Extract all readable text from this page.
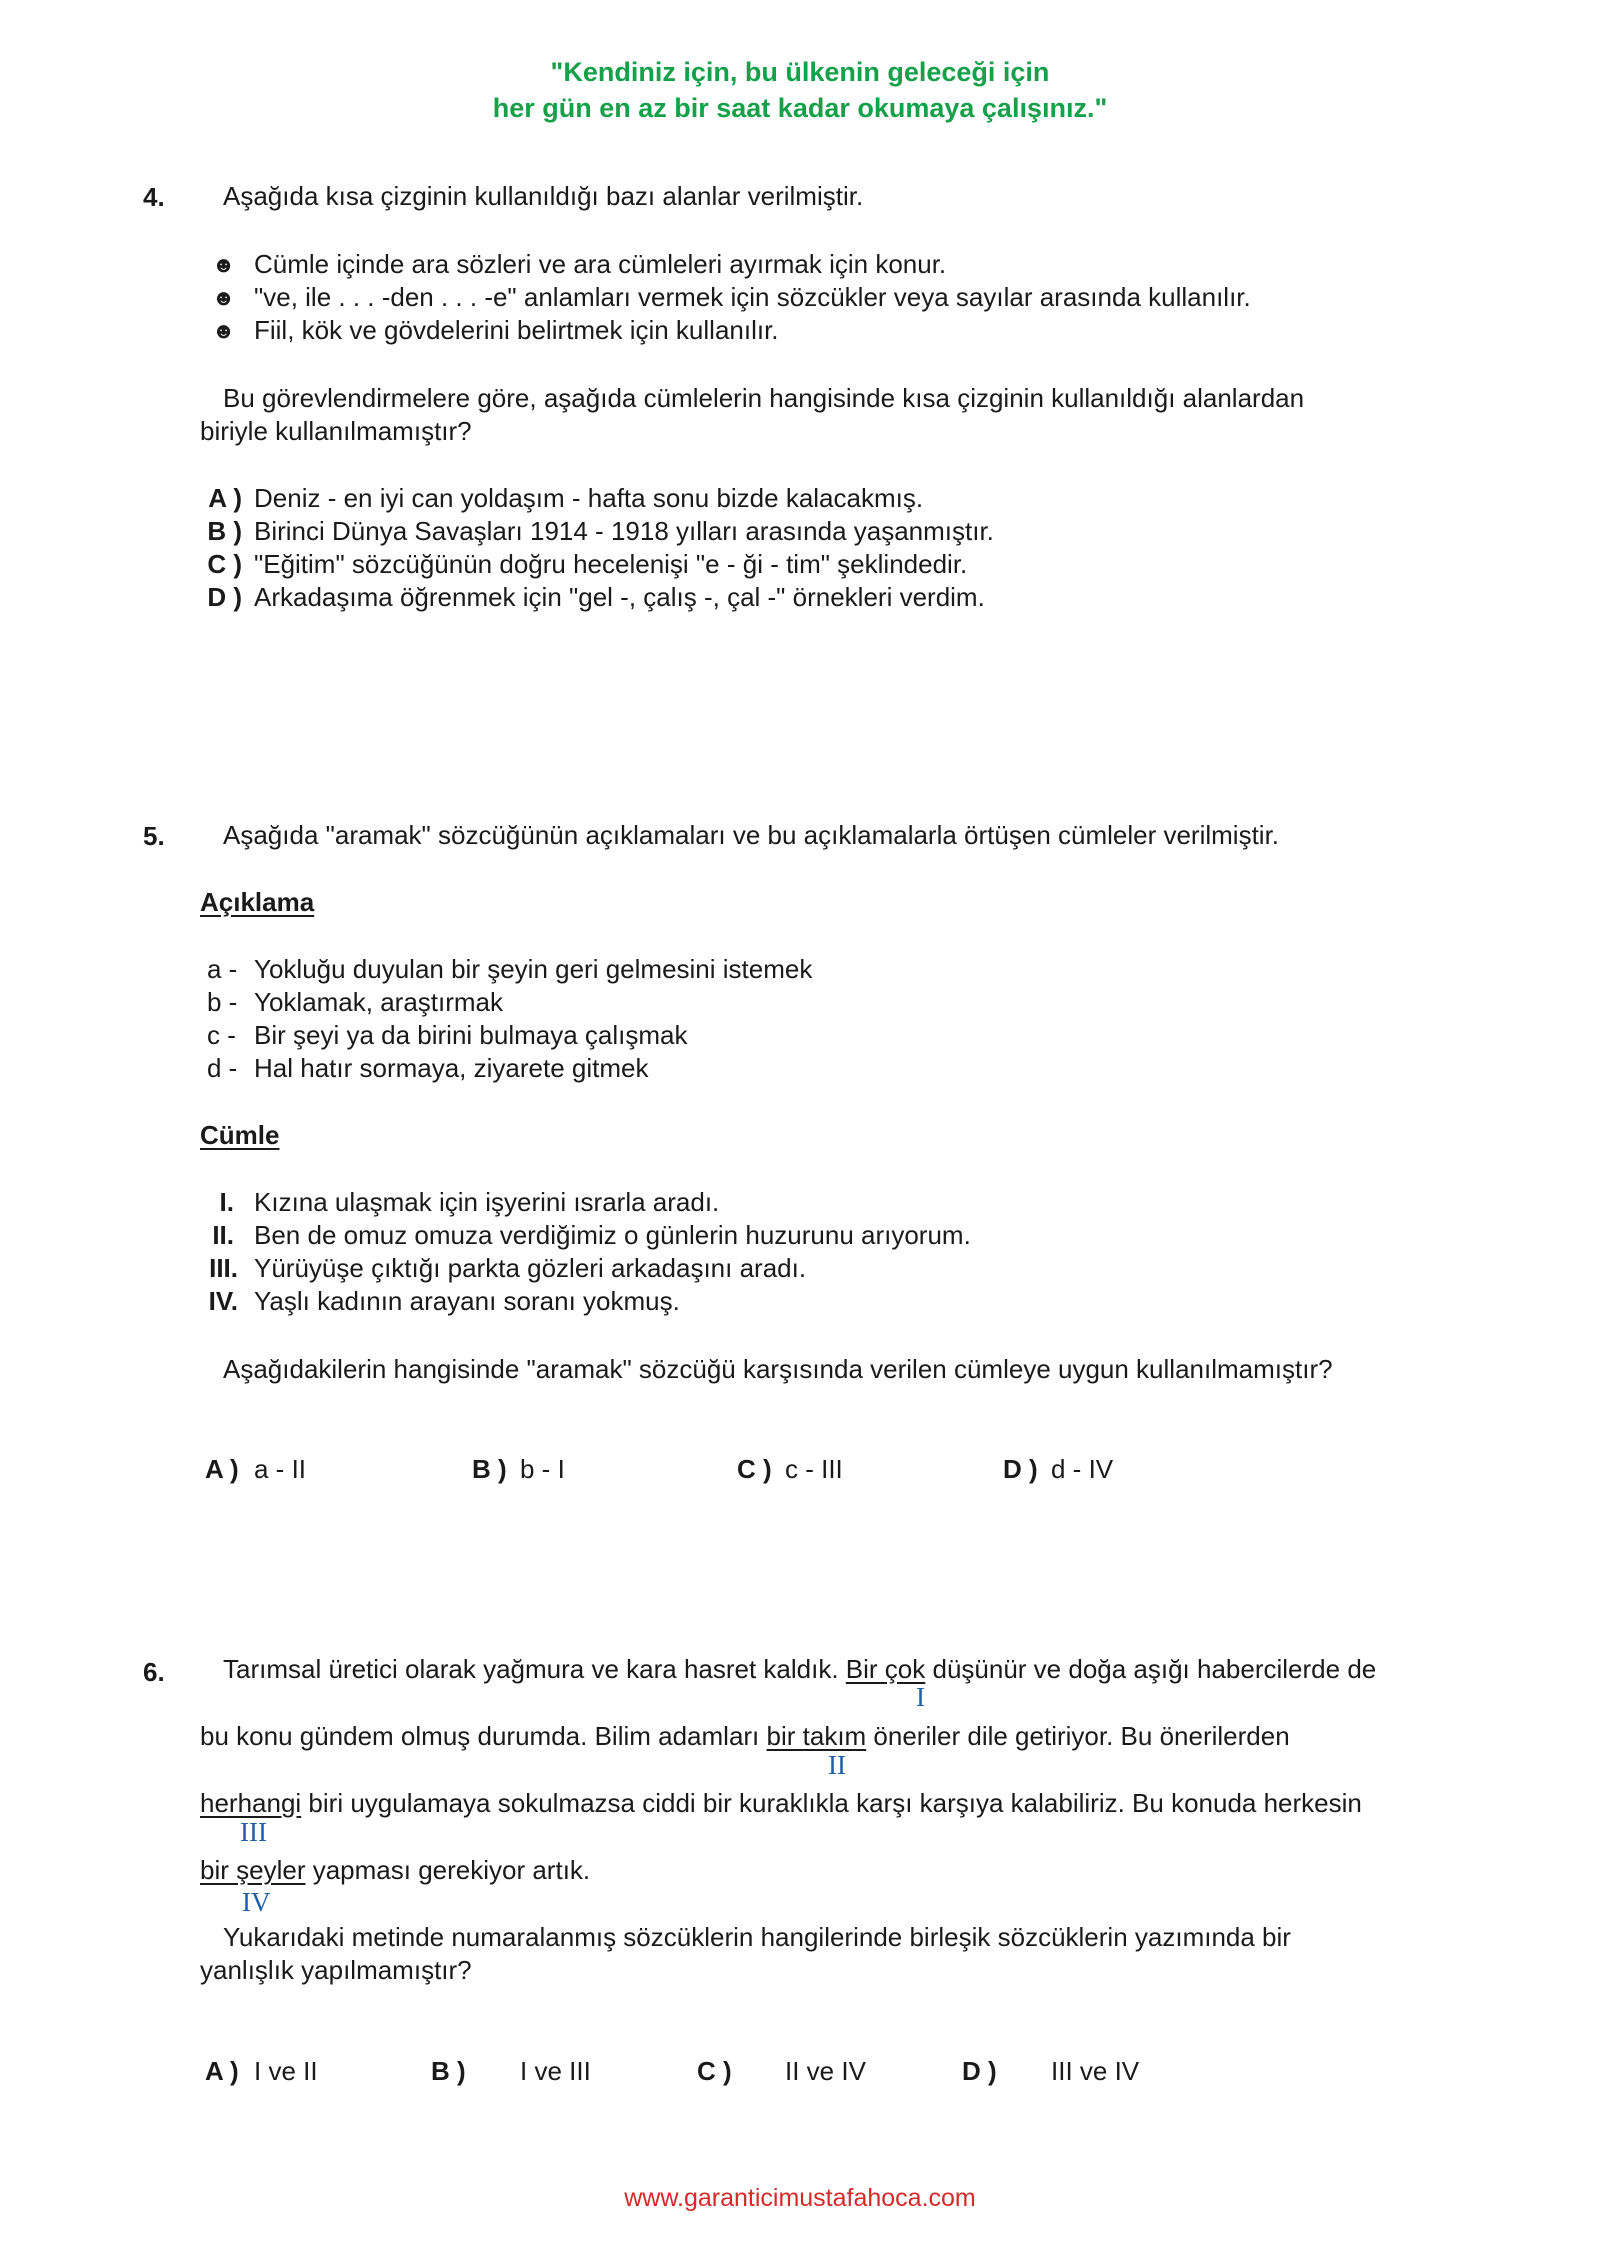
"Kendiniz için, bu ülkenin geleceği için
her gün en az bir saat kadar okumaya çalışınız."
4. Aşağıda kısa çizginin kullanıldığı bazı alanlar verilmiştir.
☻ Cümle içinde ara sözleri ve ara cümleleri ayırmak için konur.
☻ "ve, ile . . . -den . . . -e" anlamları vermek için sözcükler veya sayılar arasında kullanılır.
☻ Fiil, kök ve gövdelerini belirtmek için kullanılır.
Bu görevlendirmelere göre, aşağıda cümlelerin hangisinde kısa çizginin kullanıldığı alanlardan
biriyle kullanılmamıştır?
A ) Deniz - en iyi can yoldaşım - hafta sonu bizde kalacakmış.
B ) Birinci Dünya Savaşları 1914 - 1918 yılları arasında yaşanmıştır.
C ) "Eğitim" sözcüğünün doğru hecelenişi "e - ği - tim" şeklindedir.
D ) Arkadaşıma öğrenmek için "gel -, çalış -, çal -" örnekleri verdim.
5. Aşağıda "aramak" sözcüğünün açıklamaları ve bu açıklamalarla örtüşen cümleler verilmiştir.
Açıklama
a - Yokluğu duyulan bir şeyin geri gelmesini istemek
b - Yoklamak, araştırmak
c - Bir şeyi ya da birini bulmaya çalışmak
d - Hal hatır sormaya, ziyarete gitmek
Cümle
I. Kızına ulaşmak için işyerini ısrarla aradı.
II. Ben de omuz omuza verdiğimiz o günlerin huzurunu arıyorum.
III. Yürüyüşe çıktığı parkta gözleri arkadaşını aradı.
IV. Yaşlı kadının arayanı soranı yokmuş.
Aşağıdakilerin hangisinde "aramak" sözcüğü karşısında verilen cümleye uygun kullanılmamıştır?
A ) a - II	B ) b - I	C ) c - III	D ) d - IV
6. Tarımsal üretici olarak yağmura ve kara hasret kaldık. Bir çok düşünür ve doğa aşığı habercilerde de
I
bu konu gündem olmuş durumda. Bilim adamları bir takım öneriler dile getiriyor. Bu önerilerden
II
herhangi biri uygulamaya sokulmazsa ciddi bir kuraklıkla karşı karşıya kalabiliriz. Bu konuda herkesin
III
bir şeyler yapması gerekiyor artık.
IV
Yukarıdaki metinde numaralanmış sözcüklerin hangilerinde birleşik sözcüklerin yazımında bir
yanlışlık yapılmamıştır?
A ) I ve II	B ) I ve III	C ) II ve IV	D ) III ve IV
www.garanticimustafahoca.com
